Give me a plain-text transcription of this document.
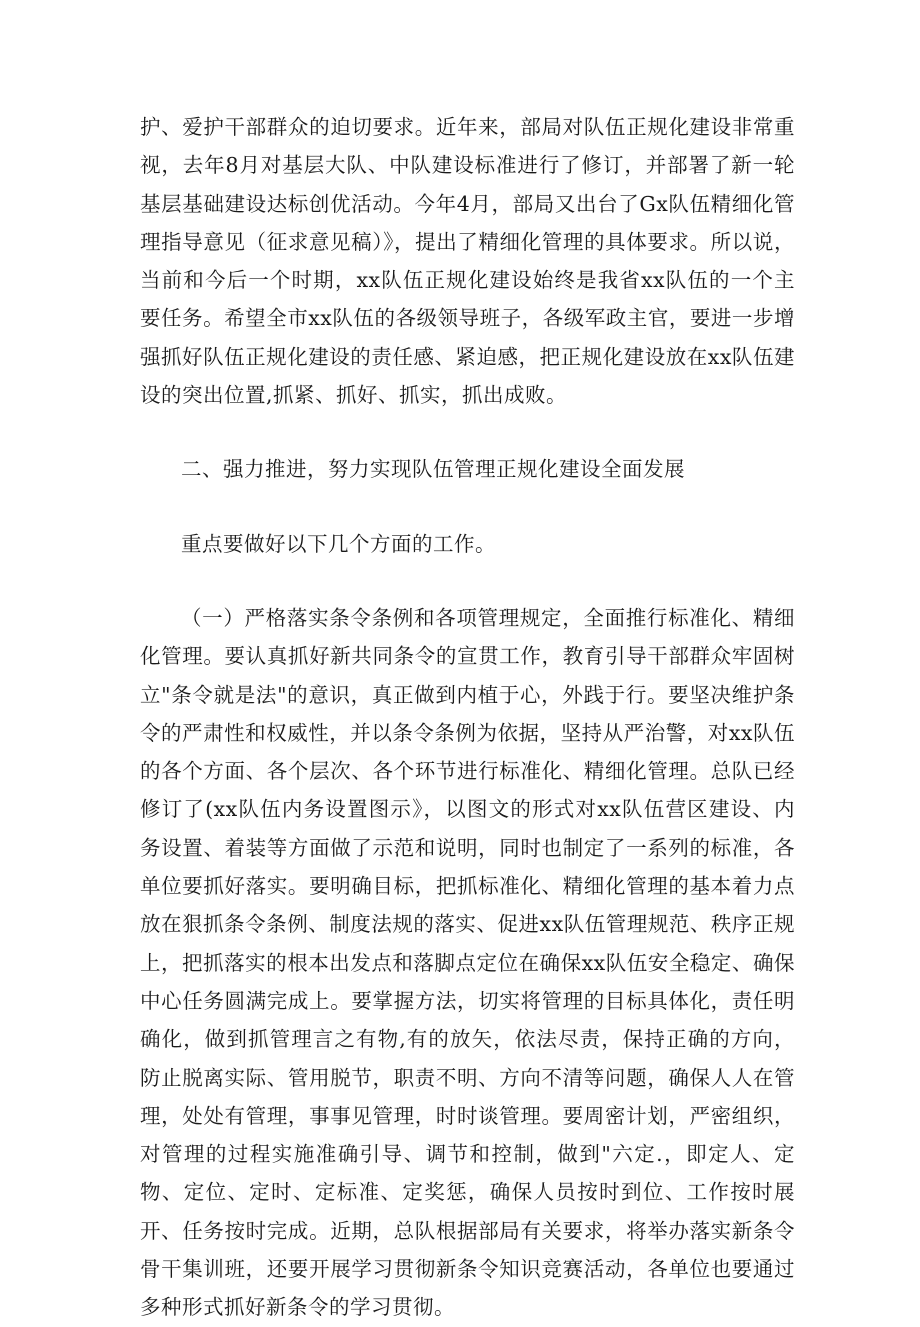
护、爱护干部群众的迫切要求。近年来，部局对队伍正规化建设非常重视，去年8月对基层大队、中队建设标准进行了修订，并部署了新一轮基层基础建设达标创优活动。今年4月，部局又出台了Gx队伍精细化管理指导意见（征求意见稿）》，提出了精细化管理的具体要求。所以说，当前和今后一个时期，xx队伍正规化建设始终是我省xx队伍的一个主要任务。希望全市xx队伍的各级领导班子，各级军政主官，要进一步增强抓好队伍正规化建设的责任感、紧迫感，把正规化建设放在xx队伍建设的突出位置,抓紧、抓好、抓实，抓出成败。

二、强力推进，努力实现队伍管理正规化建设全面发展

重点要做好以下几个方面的工作。

（一）严格落实条令条例和各项管理规定，全面推行标准化、精细化管理。要认真抓好新共同条令的宣贯工作，教育引导干部群众牢固树立"条令就是法"的意识，真正做到内植于心，外践于行。要坚决维护条令的严肃性和权威性，并以条令条例为依据，坚持从严治警，对xx队伍的各个方面、各个层次、各个环节进行标准化、精细化管理。总队已经修订了(xx队伍内务设置图示》，以图文的形式对xx队伍营区建设、内务设置、着装等方面做了示范和说明，同时也制定了一系列的标准，各单位要抓好落实。要明确目标，把抓标准化、精细化管理的基本着力点放在狠抓条令条例、制度法规的落实、促进xx队伍管理规范、秩序正规上，把抓落实的根本出发点和落脚点定位在确保xx队伍安全稳定、确保中心任务圆满完成上。要掌握方法，切实将管理的目标具体化，责任明确化，做到抓管理言之有物,有的放矢，依法尽责，保持正确的方向，防止脱离实际、管用脱节，职责不明、方向不清等问题，确保人人在管理，处处有管理，事事见管理，时时谈管理。要周密计划，严密组织，对管理的过程实施准确引导、调节和控制，做到"六定.，即定人、定物、定位、定时、定标准、定奖惩，确保人员按时到位、工作按时展开、任务按时完成。近期，总队根据部局有关要求，将举办落实新条令骨干集训班，还要开展学习贯彻新条令知识竞赛活动，各单位也要通过多种形式抓好新条令的学习贯彻。
